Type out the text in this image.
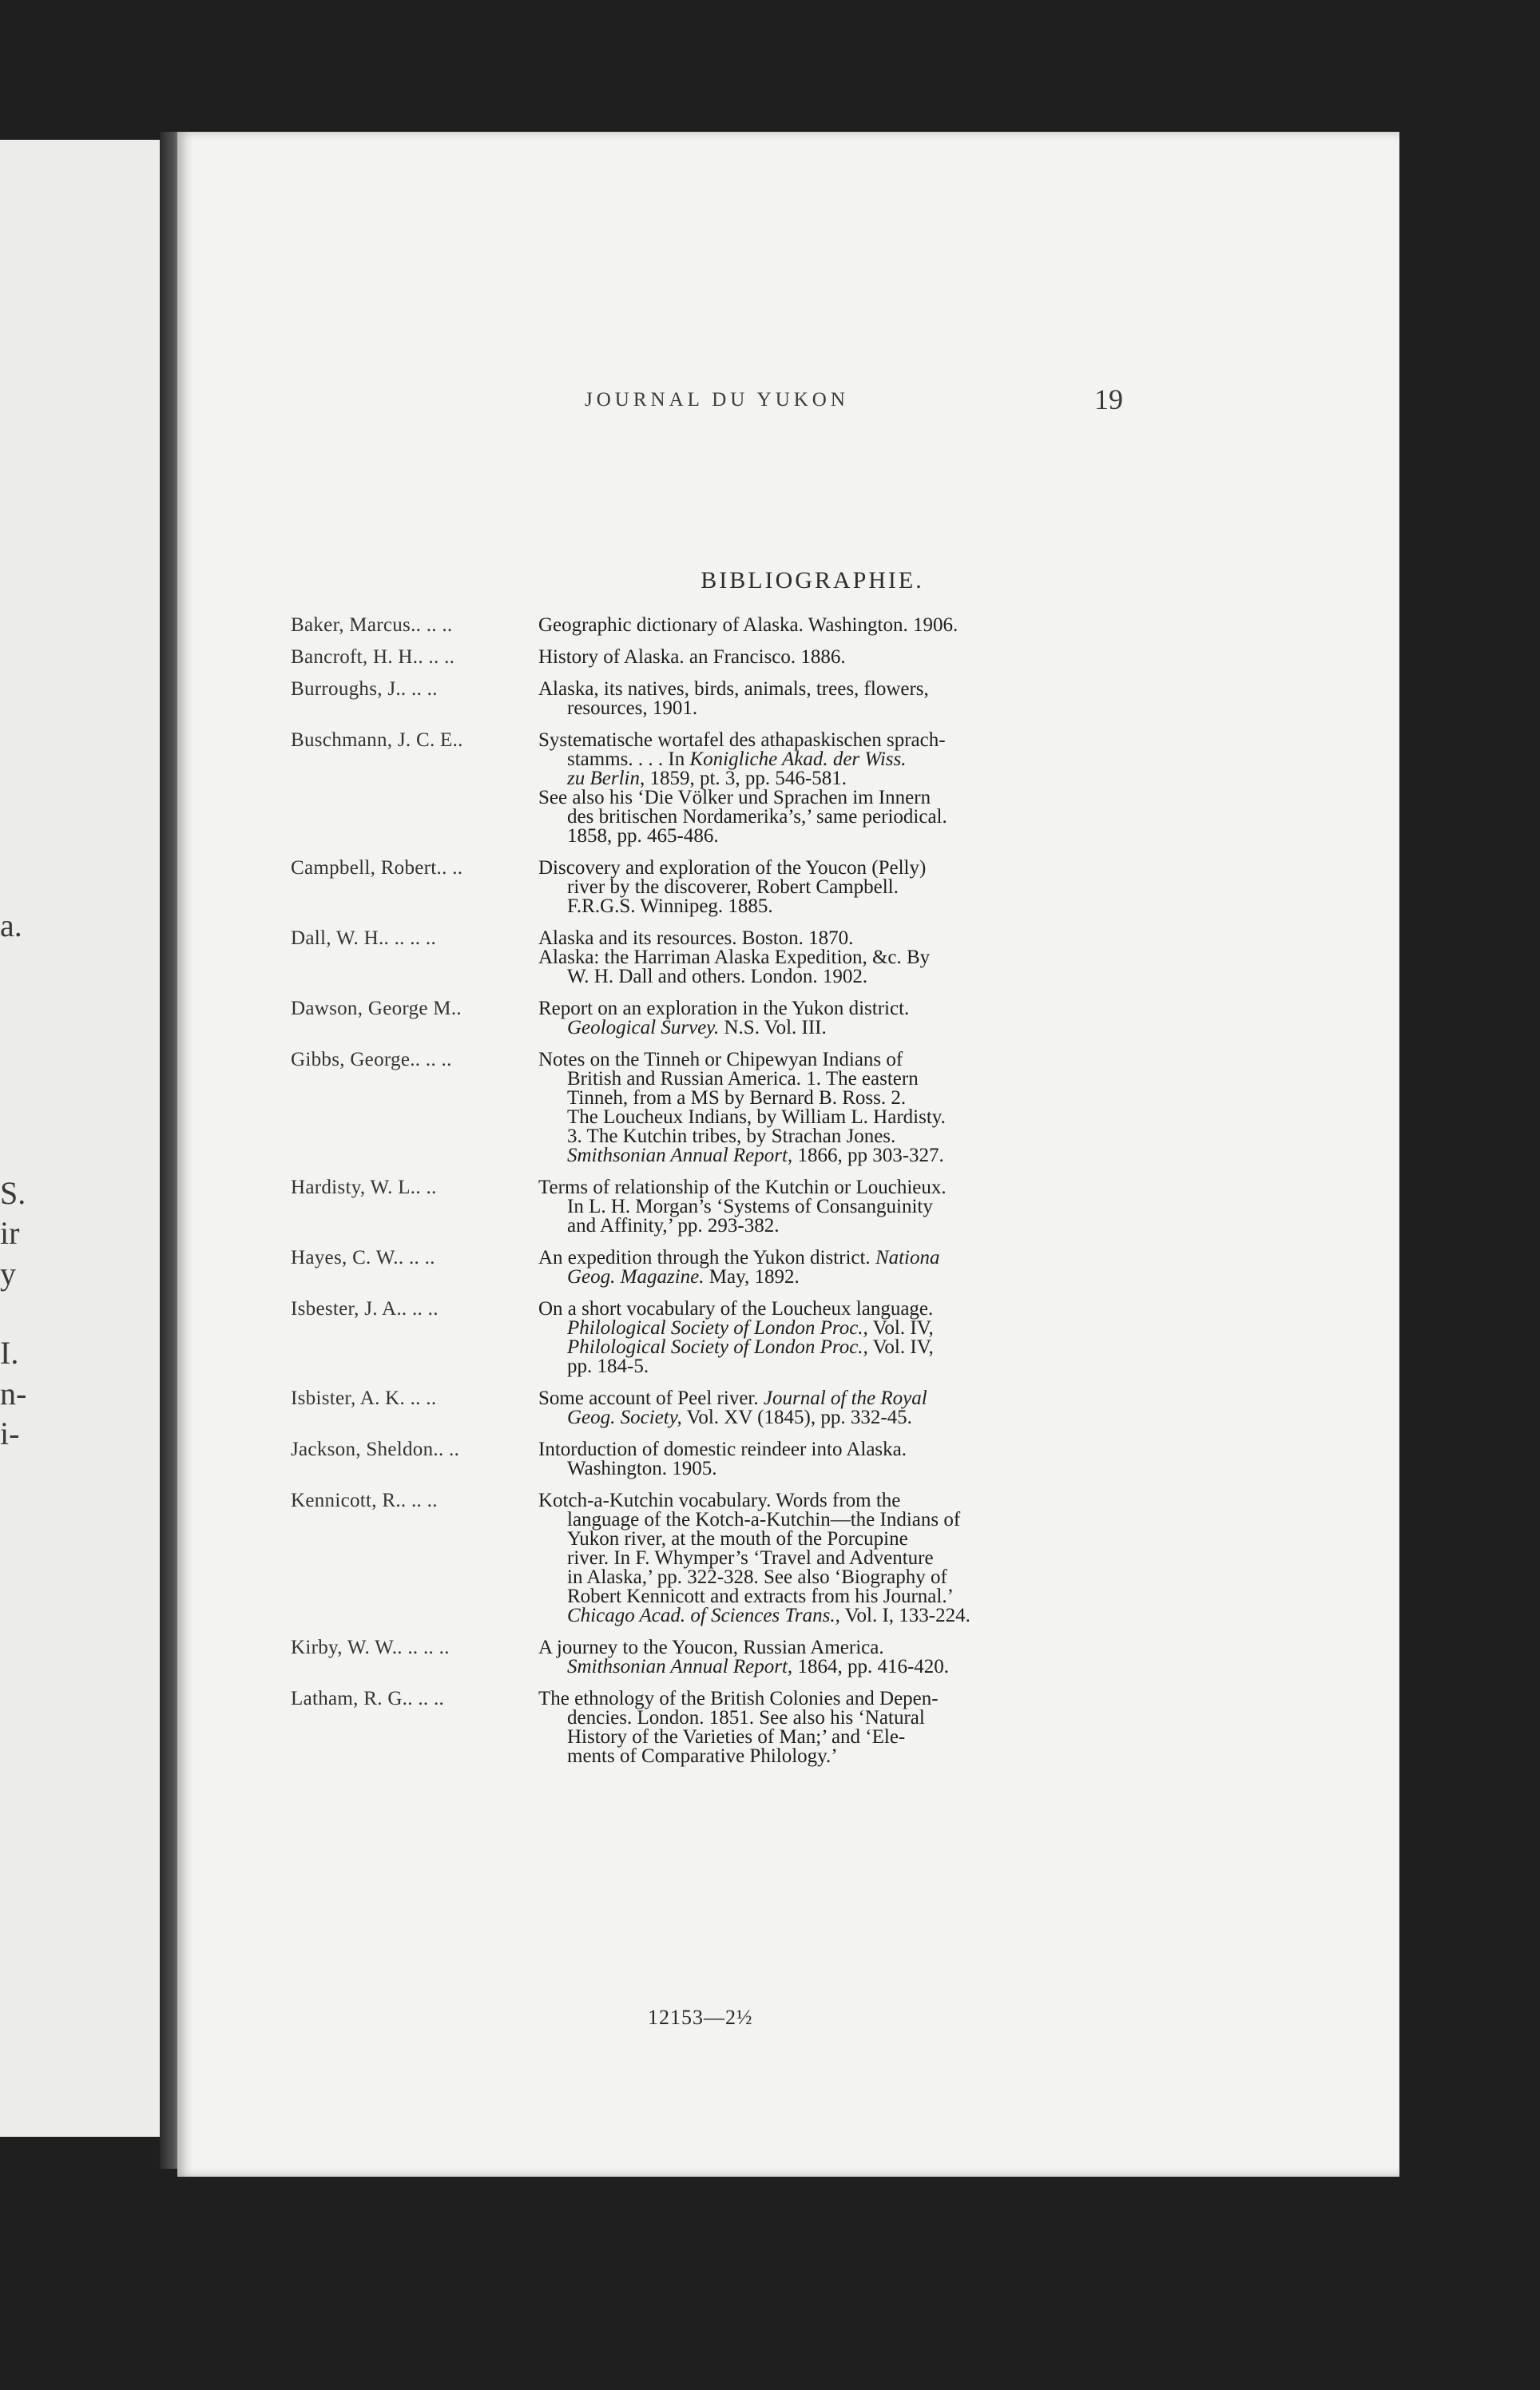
a.
S.
ir
y
I.
n-
i-
JOURNAL DU YUKON	19
BIBLIOGRAPHIE.
Baker, Marcus.. .. ..	Geographic dictionary of Alaska. Washington. 1906.
Bancroft, H. H.. .. ..	History of Alaska. an Francisco. 1886.
Burroughs, J.. .. ..	Alaska, its natives, birds, animals, trees, flowers,
resources, 1901.
Buschmann, J. C. E..	Systematische wortafel des athapaskischen sprach-
stamms. . . . In Konigliche Akad. der Wiss.
zu Berlin, 1859, pt. 3, pp. 546-581.
See also his ‘Die Völker und Sprachen im Innern
des britischen Nordamerika’s,’ same periodical.
1858, pp. 465-486.
Campbell, Robert.. ..	Discovery and exploration of the Youcon (Pelly)
river by the discoverer, Robert Campbell.
F.R.G.S. Winnipeg. 1885.
Dall, W. H.. .. .. ..	Alaska and its resources. Boston. 1870.
Alaska: the Harriman Alaska Expedition, &c. By
W. H. Dall and others. London. 1902.
Dawson, George M..	Report on an exploration in the Yukon district.
Geological Survey. N.S. Vol. III.
Gibbs, George.. .. ..	Notes on the Tinneh or Chipewyan Indians of
British and Russian America. 1. The eastern
Tinneh, from a MS by Bernard B. Ross. 2.
The Loucheux Indians, by William L. Hardisty.
3. The Kutchin tribes, by Strachan Jones.
Smithsonian Annual Report, 1866, pp 303-327.
Hardisty, W. L.. ..	Terms of relationship of the Kutchin or Louchieux.
In L. H. Morgan’s ‘Systems of Consanguinity
and Affinity,’ pp. 293-382.
Hayes, C. W.. .. ..	An expedition through the Yukon district. Nationa
Geog. Magazine. May, 1892.
Isbester, J. A.. .. ..	On a short vocabulary of the Loucheux language.
Philological Society of London Proc., Vol. IV,
Philological Society of London Proc., Vol. IV,
pp. 184-5.
Isbister, A. K. .. ..	Some account of Peel river. Journal of the Royal
Geog. Society, Vol. XV (1845), pp. 332-45.
Jackson, Sheldon.. ..	Intorduction of domestic reindeer into Alaska.
Washington. 1905.
Kennicott, R.. .. ..	Kotch-a-Kutchin vocabulary. Words from the
language of the Kotch-a-Kutchin—the Indians of
Yukon river, at the mouth of the Porcupine
river. In F. Whymper’s ‘Travel and Adventure
in Alaska,’ pp. 322-328. See also ‘Biography of
Robert Kennicott and extracts from his Journal.’
Chicago Acad. of Sciences Trans., Vol. I, 133-224.
Kirby, W. W.. .. .. ..	A journey to the Youcon, Russian America.
Smithsonian Annual Report, 1864, pp. 416-420.
Latham, R. G.. .. ..	The ethnology of the British Colonies and Depen-
dencies. London. 1851. See also his ‘Natural
History of the Varieties of Man;’ and ‘Ele-
ments of Comparative Philology.’
12153—2½
